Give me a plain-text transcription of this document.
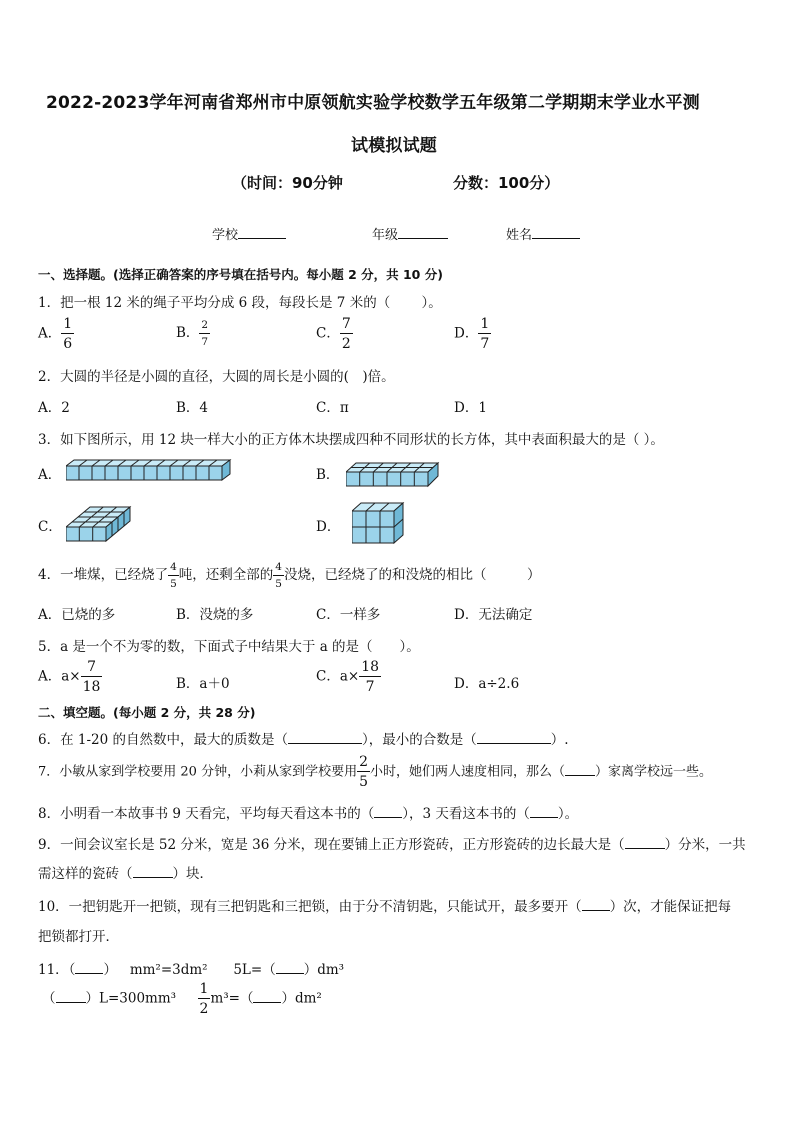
2022-2023学年河南省郑州市中原领航实验学校数学五年级第二学期期末学业水平测
试模拟试题
（时间：90分钟	分数：100分）
学校	年级	姓名
一、选择题。(选择正确答案的序号填在括号内。每小题 2 分，共 10 分)
1．把一根 12 米的绳子平均分成 6 段，每段长是 7 米的（　　 ）。
A． $\frac{1}{6}$	B． $\frac{2}{7}$	C． $\frac{7}{2}$	D． $\frac{1}{7}$
2．大圆的半径是小圆的直径，大圆的周长是小圆的(　)倍。
A．2	B．4	C．π	D．1
3．如下图所示，用 12 块一样大小的正方体木块摆成四种不同形状的长方体，其中表面积最大的是（ ）。
A．	B．
C．	D．
4．一堆煤，已经烧了 $\frac{4}{5}$ 吨，还剩全部的 $\frac{4}{5}$ 没烧，已经烧了的和没烧的相比（　　　）
A．已烧的多	B．没烧的多	C．一样多	D．无法确定
5．a 是一个不为零的数，下面式子中结果大于 a 的是（　　）。
A．$a\times \frac{7}{18}$	B．a＋0	C．$a\times \frac{18}{7}$	D．a÷2.6
二、填空题。(每小题 2 分，共 28 分)
6．在 1-20 的自然数中，最大的质数是（	），最小的合数是（	）.
7．小敏从家到学校要用 20 分钟，小莉从家到学校要用 $\frac{2}{5}$ 小时，她们两人速度相同，那么（ ）家离学校远一些。
8．小明看一本故事书 9 天看完，平均每天看这本书的（ ），3 天看这本书的（ ）。
9．一间会议室长是 52 分米，宽是 36 分米，现在要铺上正方形瓷砖，正方形瓷砖的边长最大是（	）分米，一共
需这样的瓷砖（	）块．
10．一把钥匙开一把锁，现有三把钥匙和三把锁，由于分不清钥匙，只能试开，最多要开（ ）次，才能保证把每
把锁都打开．
11．（ ） mm²=3dm² 5L=（ ）dm³
（ ）$L=300mm^3 \frac{1}{2} m^3=$（ ）dm²
